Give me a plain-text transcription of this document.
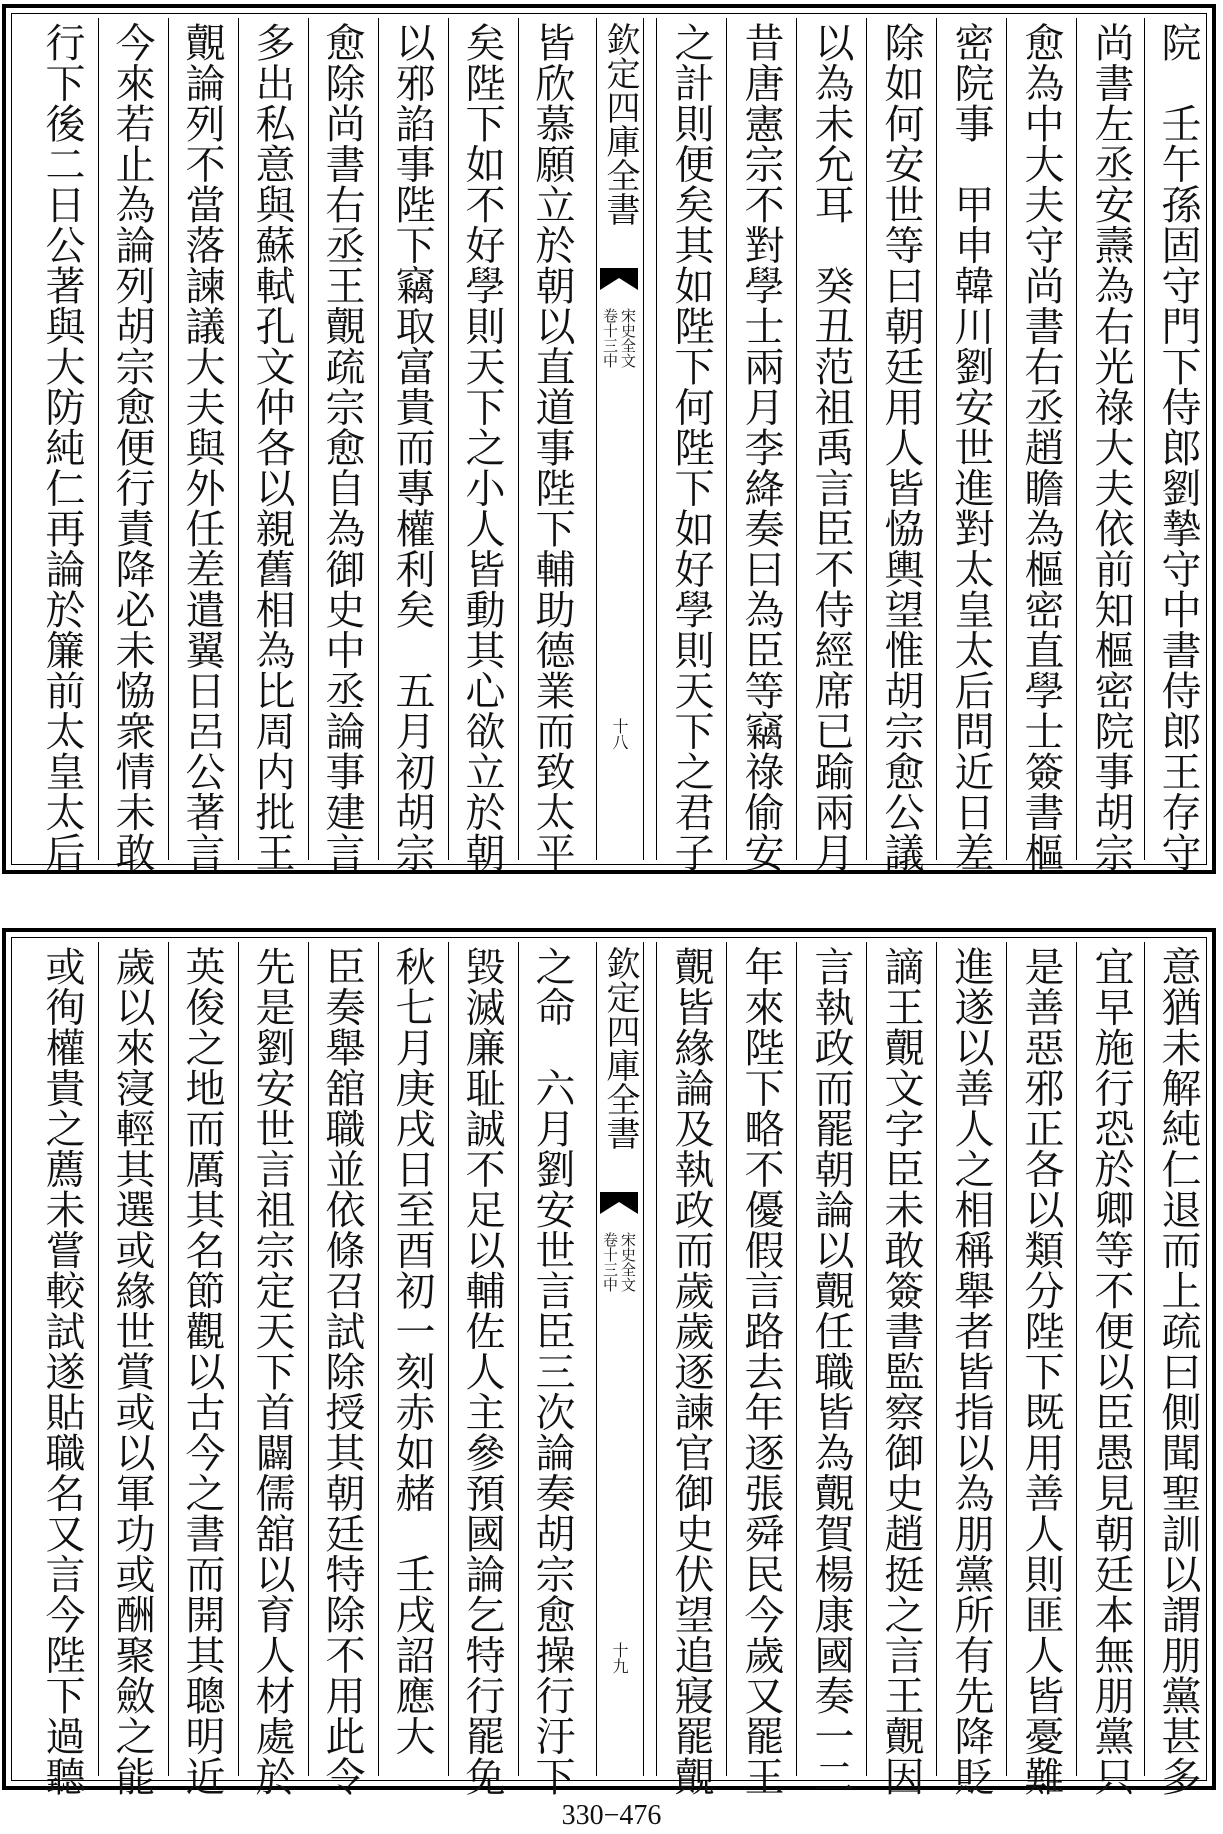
院　壬午孫固守門下侍郎劉摯守中書侍郎王存守
尚書左丞安燾為右光祿大夫依前知樞密院事胡宗
愈為中大夫守尚書右丞趙瞻為樞密直學士簽書樞
密院事　甲申韓川劉安世進對太皇太后問近日差
除如何安世等曰朝廷用人皆恊輿望惟胡宗愈公議
以為未允耳　癸丑范祖禹言臣不侍經席已踰兩月
昔唐憲宗不對學士兩月李絳奏曰為臣等竊祿偷安
之計則便矣其如陛下何陛下如好學則天下之君子
欽定四庫全書
宋史全文
卷十三中
十八
皆欣慕願立於朝以直道事陛下輔助德業而致太平
矣陛下如不好學則天下之小人皆動其心欲立於朝
以邪諂事陛下竊取富貴而專權利矣　五月初胡宗
愈除尚書右丞王覿疏宗愈自為御史中丞論事建言
多出私意與蘇軾孔文仲各以親舊相為比周内批王
覿論列不當落諫議大夫與外任差遣翼日呂公著言
今來若止為論列胡宗愈便行責降必未恊衆情未敢
行下後二日公著與大防純仁再論於簾前太皇太后
意猶未解純仁退而上疏曰側聞聖訓以謂朋黨甚多
宜早施行恐於卿等不便以臣愚見朝廷本無朋黨只
是善惡邪正各以類分陛下既用善人則匪人皆憂難
進遂以善人之相稱舉者皆指以為朋黨所有先降貶
謫王覿文字臣未敢簽書監察御史趙挺之言王覿因
言執政而罷朝論以覿任職皆為覿賀楊康國奏一二
年來陛下略不優假言路去年逐張舜民今歲又罷王
覿皆緣論及執政而歲歲逐諫官御史伏望追寢罷覿
欽定四庫全書
宋史全文
卷十三中
十九
之命　六月劉安世言臣三次論奏胡宗愈操行汙下
毀滅廉耻誠不足以輔佐人主參預國論乞特行罷免
秋七月庚戌日至酉初一刻赤如赭　壬戌詔應大
臣奏舉舘職並依條召試除授其朝廷特除不用此令
先是劉安世言祖宗定天下首闢儒舘以育人材處於
英俊之地而厲其名節觀以古今之書而開其聰明近
歲以來寖輕其選或緣世賞或以軍功或酬聚斂之能
或徇權貴之薦未嘗較試遂貼職名又言今陛下過聽
330−476
